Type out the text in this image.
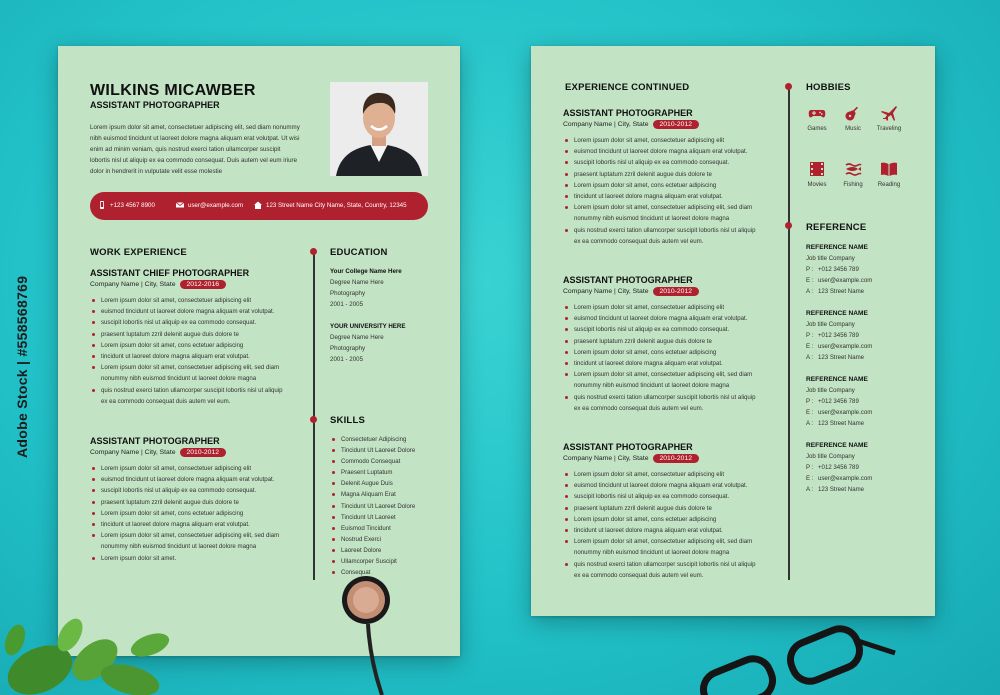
WILKINS MICAWBER
ASSISTANT PHOTOGRAPHER
Lorem ipsum dolor sit amet, consectetuer adipiscing elit, sed diam nonummy nibh euismod tincidunt ut laoreet dolore magna aliquam erat volutpat. Ut wisi enim ad minim veniam, quis nostrud exerci tation ullamcorper suscipit lobortis nisl ut aliquip ex ea commodo consequat. Duis autem vel eum iriure dolor in hendrerit in vulputate velit esse molestie
+123 4567 8900	user@example.com	123 Street Name City Name, State, Country, 12345
WORK EXPERIENCE
ASSISTANT CHIEF PHOTOGRAPHER
Company Name | City, State	2012-2016
Lorem ipsum dolor sit amet, consectetuer adipiscing elit
euismod tincidunt ut laoreet dolore magna aliquam erat volutpat.
suscipit lobortis nisl ut aliquip ex ea commodo consequat.
praesent luptatum zzril delenit augue duis dolore te
Lorem ipsum dolor sit amet, cons ectetuer adipiscing
tincidunt ut laoreet dolore magna aliquam erat volutpat.
Lorem ipsum dolor sit amet, consectetuer adipiscing elit, sed diam
nonummy nibh euismod tincidunt ut laoreet dolore magna
quis nostrud exerci tation ullamcorper suscipit lobortis nisl ut aliquip
ex ea commodo consequat duis autem vel eum.
ASSISTANT PHOTOGRAPHER
Company Name | City, State	2010-2012
Lorem ipsum dolor sit amet, consectetuer adipiscing elit
euismod tincidunt ut laoreet dolore magna aliquam erat volutpat.
suscipit lobortis nisl ut aliquip ex ea commodo consequat.
praesent luptatum zzril delenit augue duis dolore te
Lorem ipsum dolor sit amet, cons ectetuer adipiscing
tincidunt ut laoreet dolore magna aliquam erat volutpat.
Lorem ipsum dolor sit amet, consectetuer adipiscing elit, sed diam
nonummy nibh euismod tincidunt ut laoreet dolore magna
Lorem ipsum dolor sit amet.
EDUCATION
Your College Name Here
Degree Name Here
Photography
2001 - 2005
YOUR UNIVERSITY HERE
Degree Name Here
Photography
2001 - 2005
SKILLS
Consectetuer Adipiscing
Tincidunt Ut Laoreet Dolore
Commodo Consequat
Praesent Luptatum
Delenit Augue Duis
Magna Aliquam Erat
Tincidunt Ut Laoreet Dolore
Tincidunt Ut Laoreet
Euismod Tincidunt
Nostrud Exerci
Laoreet Dolore
Ullamcorper Suscipit
Consequat
EXPERIENCE CONTINUED
ASSISTANT PHOTOGRAPHER
Company Name | City, State	2010-2012
Lorem ipsum dolor sit amet, consectetuer adipiscing elit
euismod tincidunt ut laoreet dolore magna aliquam erat volutpat.
suscipit lobortis nisl ut aliquip ex ea commodo consequat.
praesent luptatum zzril delenit augue duis dolore te
Lorem ipsum dolor sit amet, cons ectetuer adipiscing
tincidunt ut laoreet dolore magna aliquam erat volutpat.
Lorem ipsum dolor sit amet, consectetuer adipiscing elit, sed diam
nonummy nibh euismod tincidunt ut laoreet dolore magna
quis nostrud exerci tation ullamcorper suscipit lobortis nisl ut aliquip
ex ea commodo consequat duis autem vel eum.
ASSISTANT PHOTOGRAPHER
Company Name | City, State	2010-2012
Lorem ipsum dolor sit amet, consectetuer adipiscing elit
euismod tincidunt ut laoreet dolore magna aliquam erat volutpat.
suscipit lobortis nisl ut aliquip ex ea commodo consequat.
praesent luptatum zzril delenit augue duis dolore te
Lorem ipsum dolor sit amet, cons ectetuer adipiscing
tincidunt ut laoreet dolore magna aliquam erat volutpat.
Lorem ipsum dolor sit amet, consectetuer adipiscing elit, sed diam
nonummy nibh euismod tincidunt ut laoreet dolore magna
quis nostrud exerci tation ullamcorper suscipit lobortis nisl ut aliquip
ex ea commodo consequat duis autem vel eum.
ASSISTANT PHOTOGRAPHER
Company Name | City, State	2010-2012
Lorem ipsum dolor sit amet, consectetuer adipiscing elit
euismod tincidunt ut laoreet dolore magna aliquam erat volutpat.
suscipit lobortis nisl ut aliquip ex ea commodo consequat.
praesent luptatum zzril delenit augue duis dolore te
Lorem ipsum dolor sit amet, cons ectetuer adipiscing
tincidunt ut laoreet dolore magna aliquam erat volutpat.
Lorem ipsum dolor sit amet, consectetuer adipiscing elit, sed diam
nonummy nibh euismod tincidunt ut laoreet dolore magna
quis nostrud exerci tation ullamcorper suscipit lobortis nisl ut aliquip
ex ea commodo consequat duis autem vel eum.
HOBBIES
Games	Music	Traveling
Movies	Fishing	Reading
REFERENCE
REFERENCE NAME
Job title Company
P : +012 3456 789
E : user@example.com
A : 123 Street Name
REFERENCE NAME
Job title Company
P : +012 3456 789
E : user@example.com
A : 123 Street Name
REFERENCE NAME
Job title Company
P : +012 3456 789
E : user@example.com
A : 123 Street Name
REFERENCE NAME
Job title Company
P : +012 3456 789
E : user@example.com
A : 123 Street Name
Adobe Stock | #558568769
